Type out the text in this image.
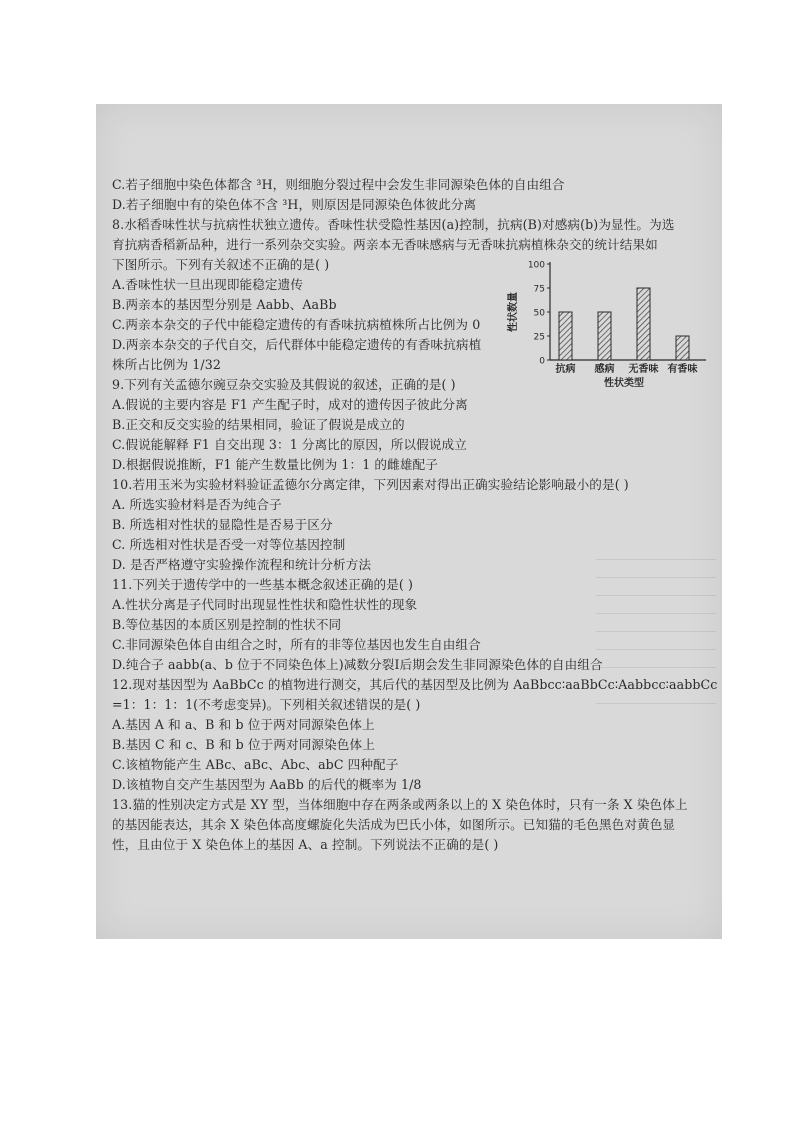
C.若子细胞中染色体都含 ³H，则细胞分裂过程中会发生非同源染色体的自由组合
D.若子细胞中有的染色体不含 ³H，则原因是同源染色体彼此分离
8.水稻香味性状与抗病性状独立遗传。香味性状受隐性基因(a)控制，抗病(B)对感病(b)为显性。为选
育抗病香稻新品种，进行一系列杂交实验。两亲本无香味感病与无香味抗病植株杂交的统计结果如
下图所示。下列有关叙述不正确的是( )
A.香味性状一旦出现即能稳定遗传
B.两亲本的基因型分别是 Aabb、AaBb
C.两亲本杂交的子代中能稳定遗传的有香味抗病植株所占比例为 0
D.两亲本杂交的子代自交，后代群体中能稳定遗传的有香味抗病植
株所占比例为 1/32
9.下列有关孟德尔豌豆杂交实验及其假说的叙述，正确的是( )
A.假说的主要内容是 F1 产生配子时，成对的遗传因子彼此分离
B.正交和反交实验的结果相同，验证了假说是成立的
C.假说能解释 F1 自交出现 3：1 分离比的原因，所以假说成立
D.根据假说推断，F1 能产生数量比例为 1：1 的雌雄配子
10.若用玉米为实验材料验证孟德尔分离定律，下列因素对得出正确实验结论影响最小的是( )
A. 所选实验材料是否为纯合子
B. 所选相对性状的显隐性是否易于区分
C. 所选相对性状是否受一对等位基因控制
D. 是否严格遵守实验操作流程和统计分析方法
11.下列关于遗传学中的一些基本概念叙述正确的是( )
A.性状分离是子代同时出现显性性状和隐性状性的现象
B.等位基因的本质区别是控制的性状不同
C.非同源染色体自由组合之时，所有的非等位基因也发生自由组合
D.纯合子 aabb(a、b 位于不同染色体上)减数分裂Ⅰ后期会发生非同源染色体的自由组合
12.现对基因型为 AaBbCc 的植物进行测交，其后代的基因型及比例为 AaBbcc∶aaBbCc∶Aabbcc∶aabbCc
=1：1：1：1(不考虑变异)。下列相关叙述错误的是( )
A.基因 A 和 a、B 和 b 位于两对同源染色体上
B.基因 C 和 c、B 和 b 位于两对同源染色体上
C.该植物能产生 ABc、aBc、Abc、abC 四种配子
D.该植物自交产生基因型为 AaBb 的后代的概率为 1/8
13.猫的性别决定方式是 XY 型，当体细胞中存在两条或两条以上的 X 染色体时，只有一条 X 染色体上
的基因能表达，其余 X 染色体高度螺旋化失活成为巴氏小体，如图所示。已知猫的毛色黑色对黄色显
性，且由位于 X 染色体上的基因 A、a 控制。下列说法不正确的是( )
100
75
50
25
0
性状数量
抗病 感病 无香味 有香味
性状类型
